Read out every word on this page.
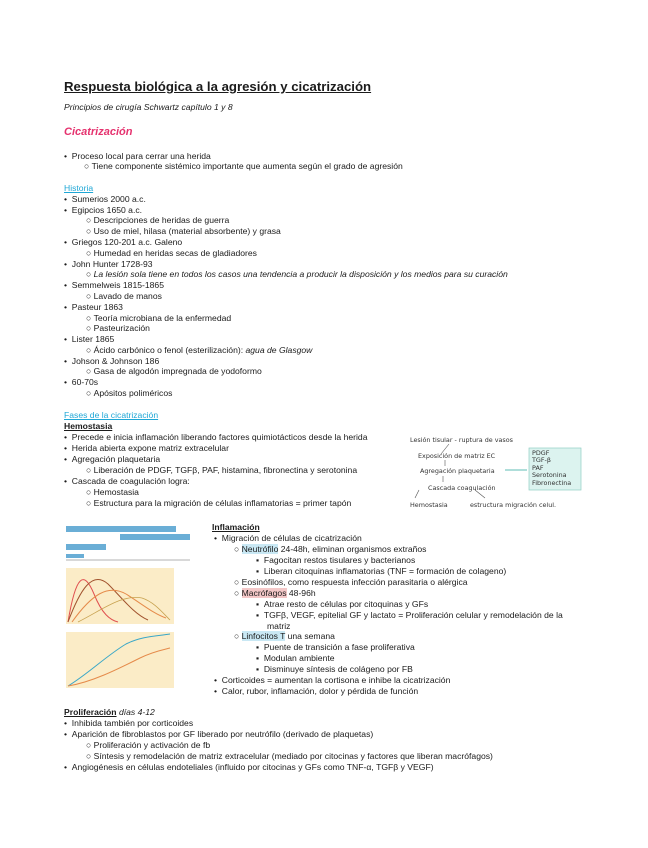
Respuesta biológica a la agresión y cicatrización
Principios de cirugía Schwartz capítulo 1 y 8
Cicatrización
•  Proceso local para cerrar una herida
○ Tiene componente sistémico importante que aumenta según el grado de agresión
Historia
•  Sumerios 2000 a.c.
•  Egipcios 1650 a.c.
○ Descripciones de heridas de guerra
○ Uso de miel, hilasa (material absorbente) y grasa
•  Griegos 120-201 a.c. Galeno
○ Humedad en heridas secas de gladiadores
•  John Hunter 1728-93
○ La lesión sola tiene en todos los casos una tendencia a producir la disposición y los medios para su curación
•  Semmelweis 1815-1865
○ Lavado de manos
•  Pasteur 1863
○ Teoría microbiana de la enfermedad
○ Pasteurización
•  Lister 1865
○ Ácido carbónico o fenol (esterilización): agua de Glasgow
•  Johson & Johnson 186
○ Gasa de algodón impregnada de yodoformo
•  60-70s
○ Apósitos poliméricos
Fases de la cicatrización
Hemostasia
•  Precede e inicia inflamación liberando factores quimiotácticos desde la herida
•  Herida abierta expone matriz extracelular
•  Agregación plaquetaria
○ Liberación de PDGF, TGFβ, PAF, histamina, fibronectina y serotonina
•  Cascada de coagulación logra:
○ Hemostasia
○ Estructura para la migración de células inflamatorias = primer tapón
Lesión tisular - ruptura de vasos
Exposición de matriz EC
Agregación plaquetaria
Cascada coagulación
Hemostasia	estructura migración celul.
PDGF
TGF-β
PAF
Serotonina
Fibronectina
Inflamación
•  Migración de células de cicatrización
○ Neutrófilo 24-48h, eliminan organismos extraños
▪  Fagocitan restos tisulares y bacterianos
▪  Liberan citoquinas inflamatorias (TNF = formación de colageno)
○ Eosinófilos, como respuesta infección parasitaria o alérgica
○ Macrófagos 48-96h
▪  Atrae resto de células por citoquinas y GFs
▪  TGFβ, VEGF, epitelial GF y lactato = Proliferación celular y remodelación de la
matriz
○ Linfocitos T una semana
▪  Puente de transición a fase proliferativa
▪  Modulan ambiente
▪  Disminuye síntesis de colágeno por FB
•  Corticoides = aumentan la cortisona e inhibe la cicatrización
•  Calor, rubor, inflamación, dolor y pérdida de función
Proliferación días 4-12
•  Inhibida también por corticoides
•  Aparición de fibroblastos por GF liberado por neutrófilo (derivado de plaquetas)
○ Proliferación y activación de fb
○ Síntesis y remodelación de matriz extracelular (mediado por citocinas y factores que liberan macrófagos)
•  Angiogénesis en células endoteliales (influido por citocinas y GFs como TNF-α, TGFβ y VEGF)
